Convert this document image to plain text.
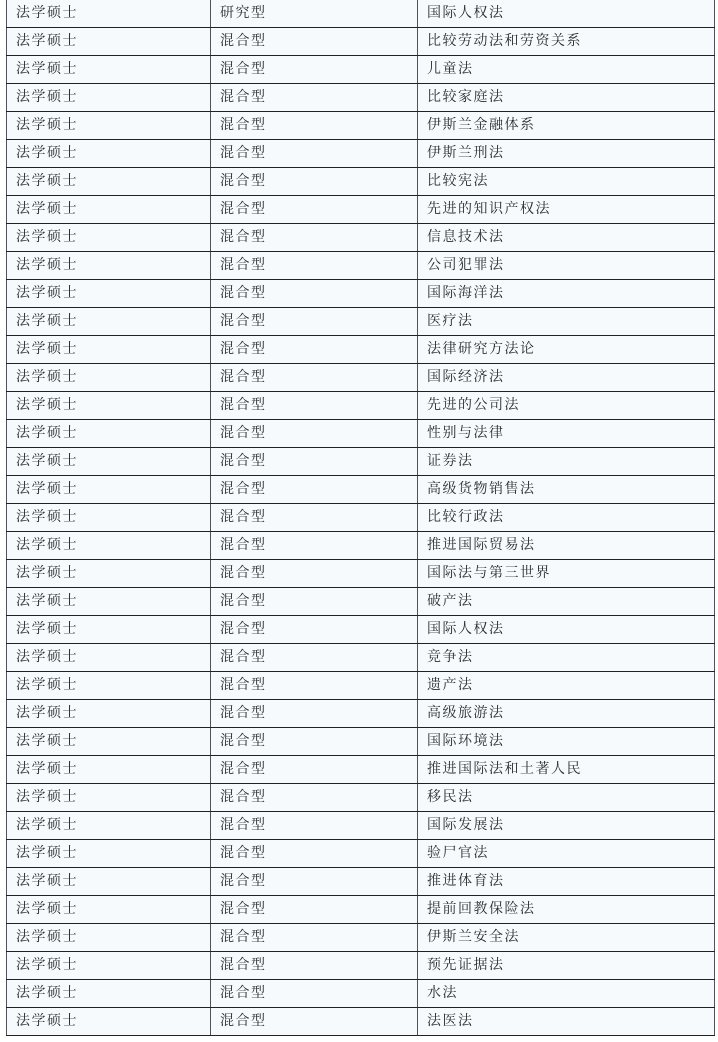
法学硕士	研究型	国际人权法
法学硕士	混合型	比较劳动法和劳资关系
法学硕士	混合型	儿童法
法学硕士	混合型	比较家庭法
法学硕士	混合型	伊斯兰金融体系
法学硕士	混合型	伊斯兰刑法
法学硕士	混合型	比较宪法
法学硕士	混合型	先进的知识产权法
法学硕士	混合型	信息技术法
法学硕士	混合型	公司犯罪法
法学硕士	混合型	国际海洋法
法学硕士	混合型	医疗法
法学硕士	混合型	法律研究方法论
法学硕士	混合型	国际经济法
法学硕士	混合型	先进的公司法
法学硕士	混合型	性别与法律
法学硕士	混合型	证券法
法学硕士	混合型	高级货物销售法
法学硕士	混合型	比较行政法
法学硕士	混合型	推进国际贸易法
法学硕士	混合型	国际法与第三世界
法学硕士	混合型	破产法
法学硕士	混合型	国际人权法
法学硕士	混合型	竞争法
法学硕士	混合型	遗产法
法学硕士	混合型	高级旅游法
法学硕士	混合型	国际环境法
法学硕士	混合型	推进国际法和土著人民
法学硕士	混合型	移民法
法学硕士	混合型	国际发展法
法学硕士	混合型	验尸官法
法学硕士	混合型	推进体育法
法学硕士	混合型	提前回教保险法
法学硕士	混合型	伊斯兰安全法
法学硕士	混合型	预先证据法
法学硕士	混合型	水法
法学硕士	混合型	法医法
